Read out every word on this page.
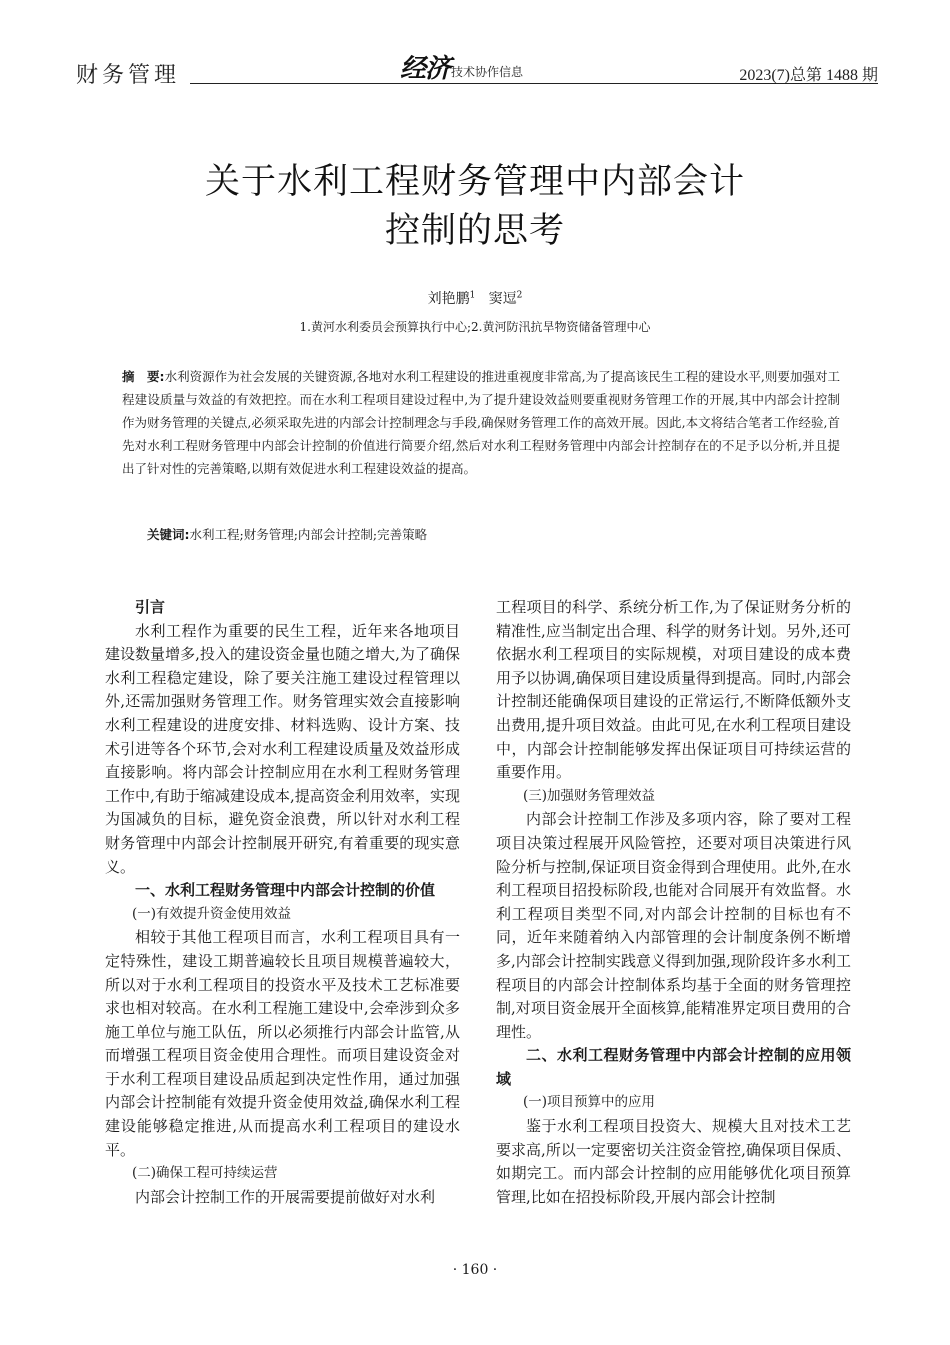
财务管理	经济 技术协作信息	2023(7)总第 1488 期
关于水利工程财务管理中内部会计
控制的思考
刘艳鹏$^1$ 窦逗$^2$
1.黄河水利委员会预算执行中心;2.黄河防汛抗旱物资储备管理中心
摘　要:水利资源作为社会发展的关键资源,各地对水利工程建设的推进重视度非常高,为了提高该民生工程的建设水平,则要加强对工程建设质量与效益的有效把控。而在水利工程项目建设过程中,为了提升建设效益则要重视财务管理工作的开展,其中内部会计控制作为财务管理的关键点,必须采取先进的内部会计控制理念与手段,确保财务管理工作的高效开展。因此,本文将结合笔者工作经验,首先对水利工程财务管理中内部会计控制的价值进行简要介绍,然后对水利工程财务管理中内部会计控制存在的不足予以分析,并且提出了针对性的完善策略,以期有效促进水利工程建设效益的提高。
关键词:水利工程;财务管理;内部会计控制;完善策略
引言

水利工程作为重要的民生工程，近年来各地项目建设数量增多,投入的建设资金量也随之增大,为了确保水利工程稳定建设，除了要关注施工建设过程管理以外,还需加强财务管理工作。财务管理实效会直接影响水利工程建设的进度安排、材料选购、设计方案、技术引进等各个环节,会对水利工程建设质量及效益形成直接影响。将内部会计控制应用在水利工程财务管理工作中,有助于缩减建设成本,提高资金利用效率，实现为国减负的目标，避免资金浪费，所以针对水利工程财务管理中内部会计控制展开研究,有着重要的现实意义。

一、水利工程财务管理中内部会计控制的价值
(一)有效提升资金使用效益

相较于其他工程项目而言，水利工程项目具有一定特殊性，建设工期普遍较长且项目规模普遍较大，所以对于水利工程项目的投资水平及技术工艺标准要求也相对较高。在水利工程施工建设中,会牵涉到众多施工单位与施工队伍，所以必须推行内部会计监管,从而增强工程项目资金使用合理性。而项目建设资金对于水利工程项目建设品质起到决定性作用，通过加强内部会计控制能有效提升资金使用效益,确保水利工程建设能够稳定推进,从而提高水利工程项目的建设水平。

(二)确保工程可持续运营

内部会计控制工作的开展需要提前做好对水利

工程项目的科学、系统分析工作,为了保证财务分析的精准性,应当制定出合理、科学的财务计划。另外,还可依据水利工程项目的实际规模，对项目建设的成本费用予以协调,确保项目建设质量得到提高。同时,内部会计控制还能确保项目建设的正常运行,不断降低额外支出费用,提升项目效益。由此可见,在水利工程项目建设中，内部会计控制能够发挥出保证项目可持续运营的重要作用。

(三)加强财务管理效益

内部会计控制工作涉及多项内容，除了要对工程项目决策过程展开风险管控，还要对项目决策进行风险分析与控制,保证项目资金得到合理使用。此外,在水利工程项目招投标阶段,也能对合同展开有效监督。水利工程项目类型不同,对内部会计控制的目标也有不同，近年来随着纳入内部管理的会计制度条例不断增多,内部会计控制实践意义得到加强,现阶段许多水利工程项目的内部会计控制体系均基于全面的财务管理控制,对项目资金展开全面核算,能精准界定项目费用的合理性。

二、水利工程财务管理中内部会计控制的应用领域
(一)项目预算中的应用

鉴于水利工程项目投资大、规模大且对技术工艺要求高,所以一定要密切关注资金管控,确保项目保质、如期完工。而内部会计控制的应用能够优化项目预算管理,比如在招投标阶段,开展内部会计控制

· 160 ·
